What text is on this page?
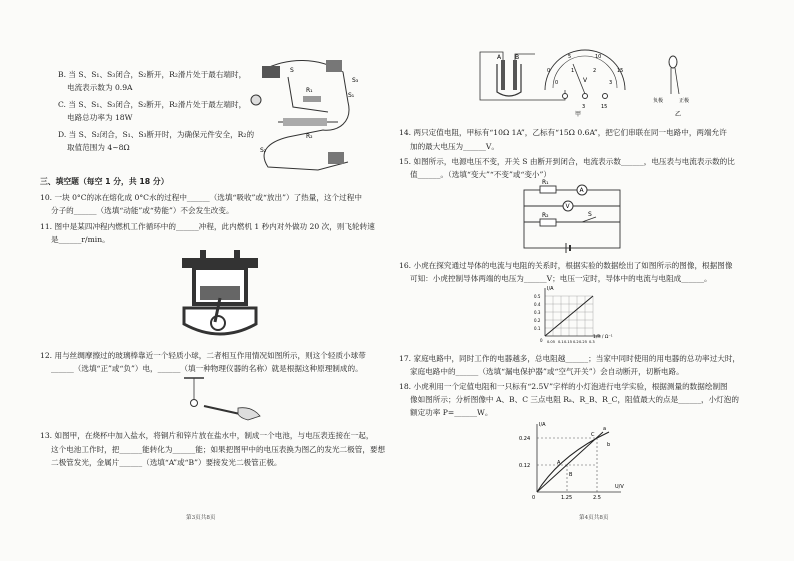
B. 当 S、S₁、S₃闭合，S₂断开，R₂滑片处于最右端时，
电流表示数为 0.9A
C. 当 S、S₁、S₃闭合，S₂断开，R₂滑片处于最左端时，
电路总功率为 18W
D. 当 S、S₂闭合，S₁、S₃断开时，为确保元件安全，R₂的
取值范围为 4~8Ω
R₁
R₂
S
S₁
S₂
S₃
三、填空题（每空 1 分，共 18 分）
10. 一块 0°C的冰在熔化成 0°C水的过程中______（选填“吸收”或“放出”）了热量，这个过程中
分子的______（选填“动能”或“势能”）不会发生改变。
11. 图中是某四冲程内燃机工作循环中的______冲程，此内燃机 1 秒内对外做功 20 次，则飞轮转速
是______r/min。
12. 用与丝绸摩擦过的玻璃棒靠近一个轻质小球，二者相互作用情况如图所示，则这个轻质小球带
______（选填“正”或“负”）电，______（填一种物理仪器的名称）就是根据这种原理制成的。
13. 如图甲，在烧杯中加入盐水，将铜片和锌片放在盐水中，制成一个电池，与电压表连接在一起，
这个电池工作时，把______能转化为______能；如果把图甲中的电压表换为图乙的发光二极管，要想
二极管发光，金属片______（选填“A”或“B”）要接发光二极管正极。
第3页共8页
A B
0
5	10
15
0
1	2
3
V
3	15
甲
负极	正极
乙
14. 两只定值电阻，甲标有“10Ω 1A”，乙标有“15Ω 0.6A”，把它们串联在同一电路中，两端允许
加的最大电压为______V。
15. 如图所示，电源电压不变，开关 S 由断开到闭合，电流表示数______，电压表与电流表示数的比
值______。（选填“变大”“不变”或“变小”）
A
V
R₁
R₂	S
16. 小虎在探究通过导体的电流与电阻的关系时，根据实验的数据绘出了如图所示的图像，根据图像
可知：小虎控制导体两端的电压为______V；电压一定时，导体中的电流与电阻成______。
I/A
1/R / Ω⁻¹
0
0.5
0.4
0.3
0.2
0.1
0.05 0.1 0.15 0.2 0.25 0.3
17. 家庭电路中，同时工作的电器越多，总电阻越______；当家中同时使用的用电器的总功率过大时，
家庭电路中的______（选填“漏电保护器”或“空气开关”）会自动断开，切断电路。
18. 小虎利用一个定值电阻和一只标有“2.5V”字样的小灯泡进行电学实验，根据测量的数据绘制图
像如图所示；分析图像中 A、B、C 三点电阻 Rₐ、R_B、R_C，阻值最大的点是______，小灯泡的
额定功率 P=______W。
I/A
U/V
0
0.24
0.12
1.25	2.5
A
B
C
a
b
第4页共8页
